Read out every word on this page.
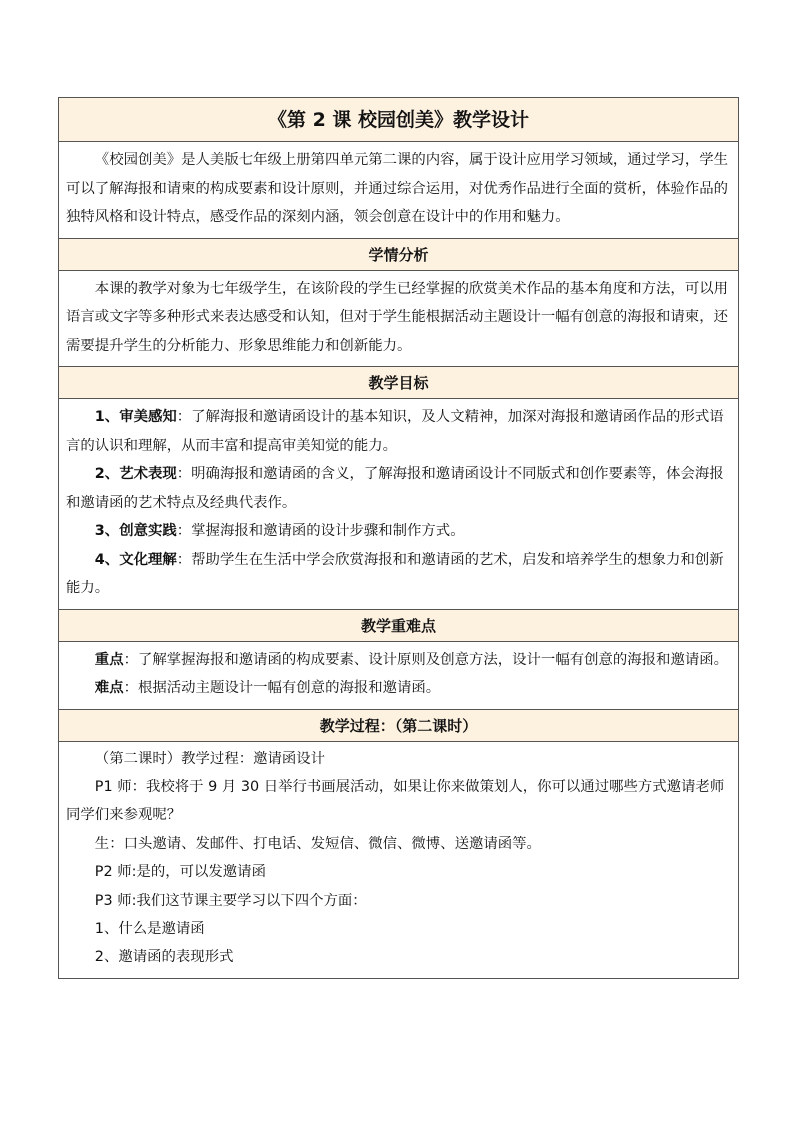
《第 2 课 校园创美》教学设计

《校园创美》是人美版七年级上册第四单元第二课的内容，属于设计应用学习领域，通过学习，学生可以了解海报和请柬的构成要素和设计原则，并通过综合运用，对优秀作品进行全面的赏析，体验作品的独特风格和设计特点，感受作品的深刻内涵，领会创意在设计中的作用和魅力。

学情分析

本课的教学对象为七年级学生，在该阶段的学生已经掌握的欣赏美术作品的基本角度和方法，可以用语言或文字等多种形式来表达感受和认知，但对于学生能根据活动主题设计一幅有创意的海报和请柬，还需要提升学生的分析能力、形象思维能力和创新能力。

教学目标

1、审美感知：了解海报和邀请函设计的基本知识，及人文精神，加深对海报和邀请函作品的形式语言的认识和理解，从而丰富和提高审美知觉的能力。

2、艺术表现：明确海报和邀请函的含义，了解海报和邀请函设计不同版式和创作要素等，体会海报和邀请函的艺术特点及经典代表作。

3、创意实践：掌握海报和邀请函的设计步骤和制作方式。

4、文化理解：帮助学生在生活中学会欣赏海报和和邀请函的艺术，启发和培养学生的想象力和创新能力。

教学重难点

重点：了解掌握海报和邀请函的构成要素、设计原则及创意方法，设计一幅有创意的海报和邀请函。

难点：根据活动主题设计一幅有创意的海报和邀请函。

教学过程：（第二课时）

（第二课时）教学过程：邀请函设计

P1 师：我校将于 9 月 30 日举行书画展活动，如果让你来做策划人，你可以通过哪些方式邀请老师同学们来参观呢？

生：口头邀请、发邮件、打电话、发短信、微信、微博、送邀请函等。

P2 师:是的，可以发邀请函

P3 师:我们这节课主要学习以下四个方面：

1、什么是邀请函

2、邀请函的表现形式
